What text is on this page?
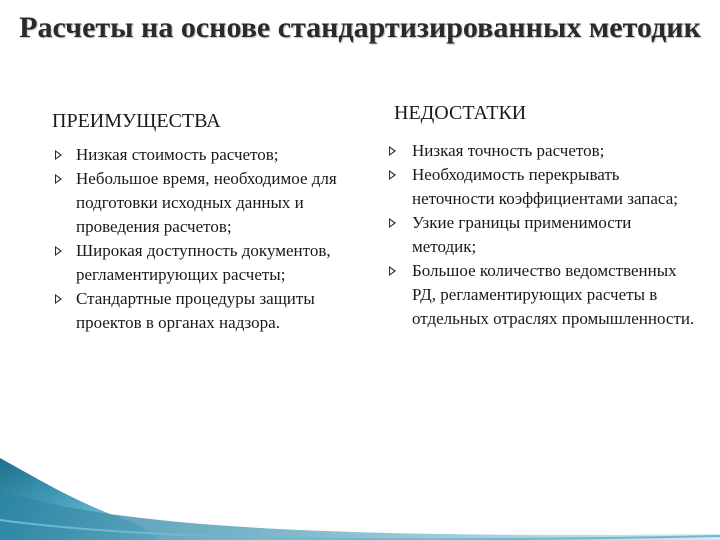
Расчеты на основе стандартизированных методик
ПРЕИМУЩЕСТВА
Низкая стоимость расчетов;
Небольшое время, необходимое для подготовки исходных данных и проведения расчетов;
Широкая доступность документов, регламентирующих расчеты;
Стандартные процедуры защиты проектов в органах надзора.
НЕДОСТАТКИ
Низкая точность расчетов;
Необходимость перекрывать неточности коэффициентами запаса;
Узкие границы применимости методик;
Большое количество ведомственных РД, регламентирующих расчеты в отдельных отраслях промышленности.
